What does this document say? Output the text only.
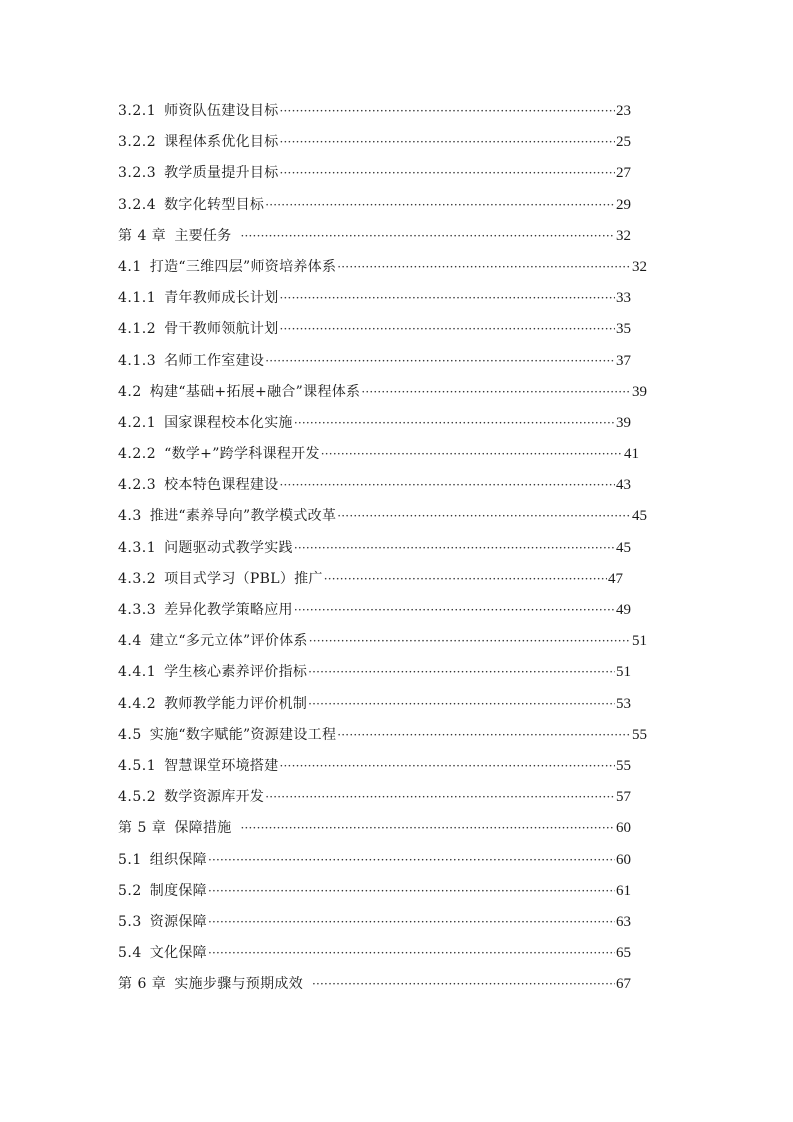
3.2.1 师资队伍建设目标 ·····	23
3.2.2 课程体系优化目标 ·····	25
3.2.3 教学质量提升目标 ·····	27
3.2.4 数字化转型目标 ·····	29
第 4 章 主要任务 ·····	32
4.1 打造“三维四层”师资培养体系 ·····	32
4.1.1 青年教师成长计划 ·····	33
4.1.2 骨干教师领航计划 ·····	35
4.1.3 名师工作室建设 ·····	37
4.2 构建“基础+拓展+融合”课程体系 ·····	39
4.2.1 国家课程校本化实施 ·····	39
4.2.2 “数学+”跨学科课程开发 ·····	41
4.2.3 校本特色课程建设 ·····	43
4.3 推进“素养导向”教学模式改革 ·····	45
4.3.1 问题驱动式教学实践 ·····	45
4.3.2 项目式学习（PBL）推广 ·····	47
4.3.3 差异化教学策略应用 ·····	49
4.4 建立“多元立体”评价体系 ·····	51
4.4.1 学生核心素养评价指标 ·····	51
4.4.2 教师教学能力评价机制 ·····	53
4.5 实施“数字赋能”资源建设工程 ·····	55
4.5.1 智慧课堂环境搭建 ·····	55
4.5.2 数学资源库开发 ·····	57
第 5 章 保障措施 ·····	60
5.1 组织保障 ·····	60
5.2 制度保障 ·····	61
5.3 资源保障 ·····	63
5.4 文化保障 ·····	65
第 6 章 实施步骤与预期成效 ·····	67
